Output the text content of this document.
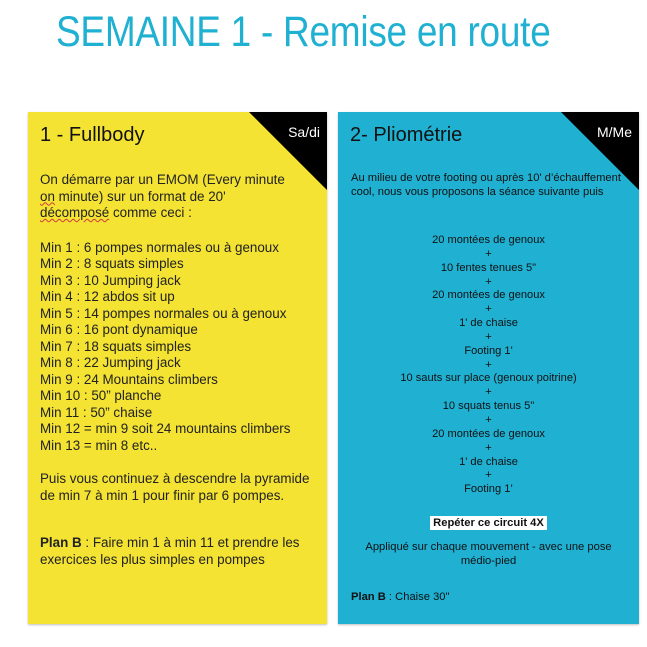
SEMAINE 1 - Remise en route
Sa/di
1 - Fullbody

On démarre par un EMOM (Every minute
on minute) sur un format de 20'
décomposé comme ceci :

Min 1 : 6 pompes normales ou à genoux
Min 2 : 8 squats simples
Min 3 : 10 Jumping jack
Min 4 : 12 abdos sit up
Min 5 : 14 pompes normales ou à genoux
Min 6 : 16 pont dynamique
Min 7 : 18 squats simples
Min 8 : 22 Jumping jack
Min 9 : 24 Mountains climbers
Min 10 : 50” planche
Min 11 : 50” chaise
Min 12 = min 9 soit 24 mountains climbers
Min 13 = min 8 etc..

Puis vous continuez à descendre la pyramide de min 7 à min 1 pour finir par 6 pompes.

Plan B : Faire min 1 à min 11 et prendre les exercices les plus simples en pompes

M/Me
2- Pliométrie
Au milieu de votre footing ou après 10' d’échauffement cool, nous vous proposons la séance suivante puis
20 montées de genoux
+
10 fentes tenues 5"
+
20 montées de genoux
+
1' de chaise
+
Footing 1'
+
10 sauts sur place (genoux poitrine)
+
10 squats tenus 5"
+
20 montées de genoux
+
1' de chaise
+
Footing 1’
Repéter ce circuit 4X
Appliqué sur chaque mouvement - avec une pose médio-pied
Plan B : Chaise 30"
